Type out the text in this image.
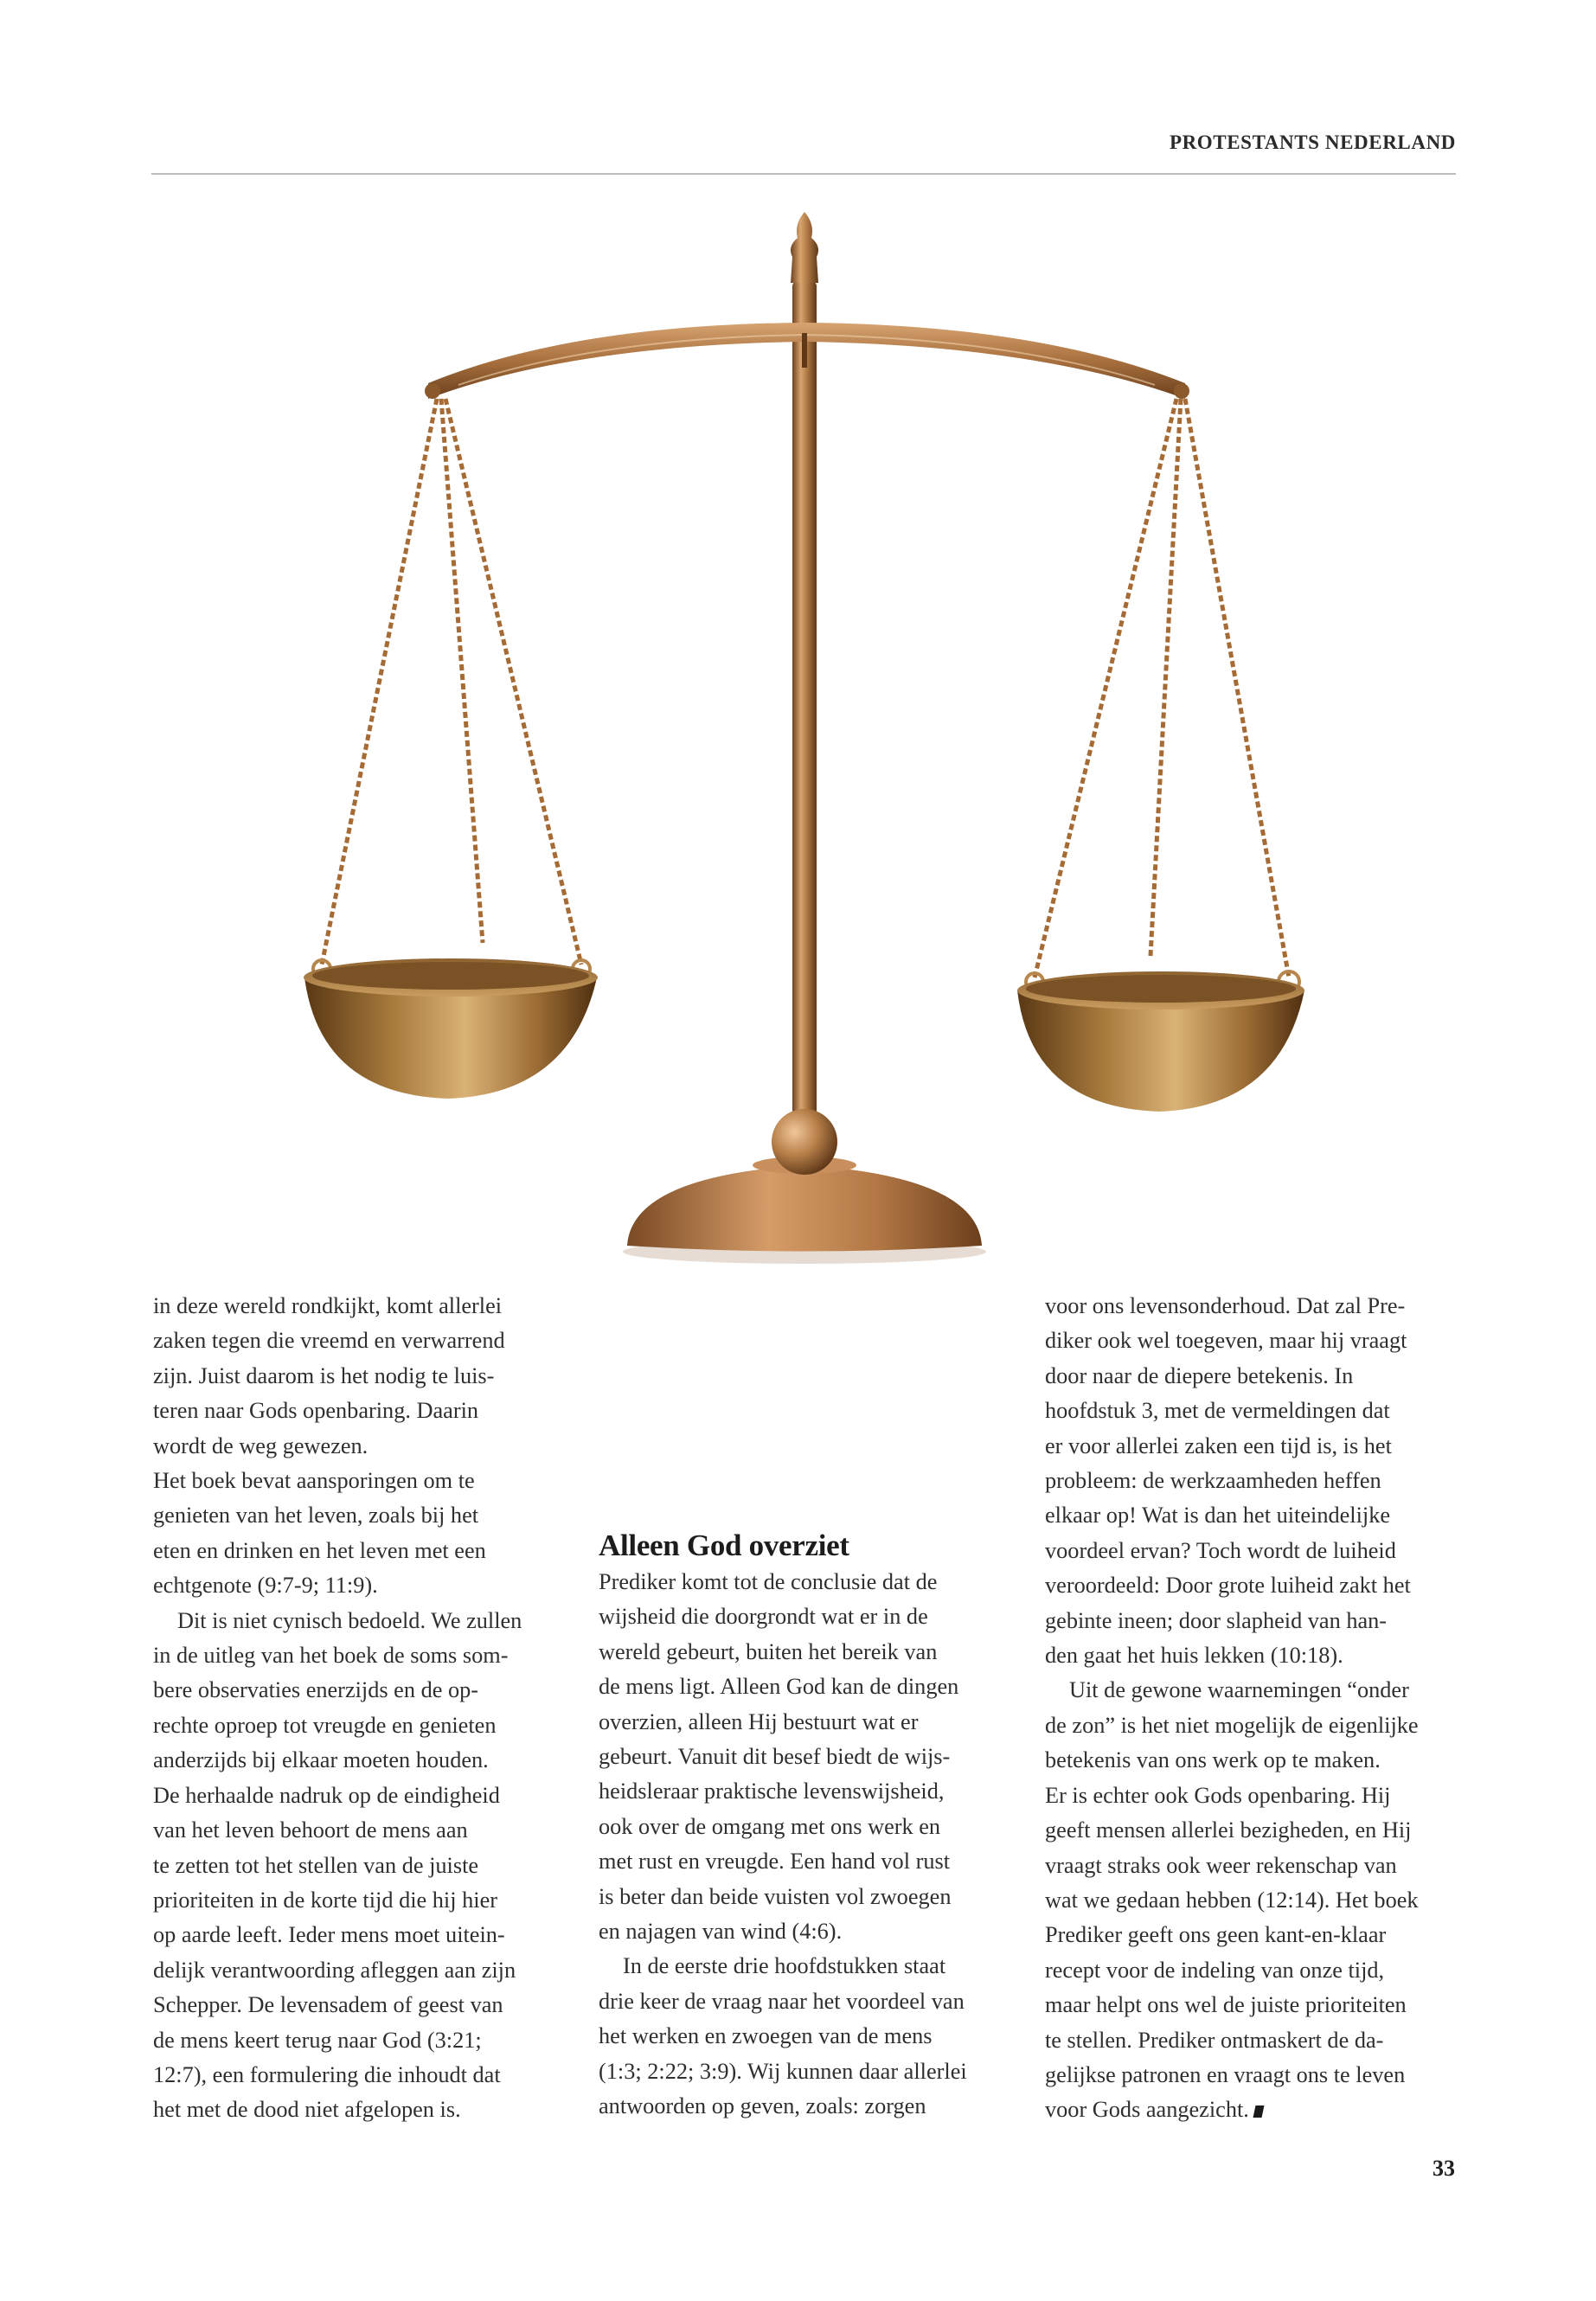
PROTESTANTS NEDERLAND

in deze wereld rondkijkt, komt allerlei

zaken tegen die vreemd en verwarrend

zijn. Juist daarom is het nodig te luis-

teren naar Gods openbaring. Daarin

wordt de weg gewezen.

Het boek bevat aansporingen om te

genieten van het leven, zoals bij het

eten en drinken en het leven met een

echtgenote (9:7-9; 11:9).

Dit is niet cynisch bedoeld. We zullen

in de uitleg van het boek de soms som-

bere observaties enerzijds en de op-

rechte oproep tot vreugde en genieten

anderzijds bij elkaar moeten houden.

De herhaalde nadruk op de eindigheid

van het leven behoort de mens aan

te zetten tot het stellen van de juiste

prioriteiten in de korte tijd die hij hier

op aarde leeft. Ieder mens moet uitein-

delijk verantwoording afleggen aan zijn

Schepper. De levensadem of geest van

de mens keert terug naar God (3:21;

12:7), een formulering die inhoudt dat

het met de dood niet afgelopen is.

Alleen God overziet

Prediker komt tot de conclusie dat de

wijsheid die doorgrondt wat er in de

wereld gebeurt, buiten het bereik van

de mens ligt. Alleen God kan de dingen

overzien, alleen Hij bestuurt wat er

gebeurt. Vanuit dit besef biedt de wijs-

heidsleraar praktische levenswijsheid,

ook over de omgang met ons werk en

met rust en vreugde. Een hand vol rust

is beter dan beide vuisten vol zwoegen

en najagen van wind (4:6).

In de eerste drie hoofdstukken staat

drie keer de vraag naar het voordeel van

het werken en zwoegen van de mens

(1:3; 2:22; 3:9). Wij kunnen daar allerlei

antwoorden op geven, zoals: zorgen

voor ons levensonderhoud. Dat zal Pre-

diker ook wel toegeven, maar hij vraagt

door naar de diepere betekenis. In

hoofdstuk 3, met de vermeldingen dat

er voor allerlei zaken een tijd is, is het

probleem: de werkzaamheden heffen

elkaar op! Wat is dan het uiteindelijke

voordeel ervan? Toch wordt de luiheid

veroordeeld: Door grote luiheid zakt het

gebinte ineen; door slapheid van han-

den gaat het huis lekken (10:18).

Uit de gewone waarnemingen “onder

de zon” is het niet mogelijk de eigenlijke

betekenis van ons werk op te maken.

Er is echter ook Gods openbaring. Hij

geeft mensen allerlei bezigheden, en Hij

vraagt straks ook weer rekenschap van

wat we gedaan hebben (12:14). Het boek

Prediker geeft ons geen kant-en-klaar

recept voor de indeling van onze tijd,

maar helpt ons wel de juiste prioriteiten

te stellen. Prediker ontmaskert de da-

gelijkse patronen en vraagt ons te leven

voor Gods aangezicht.

33
